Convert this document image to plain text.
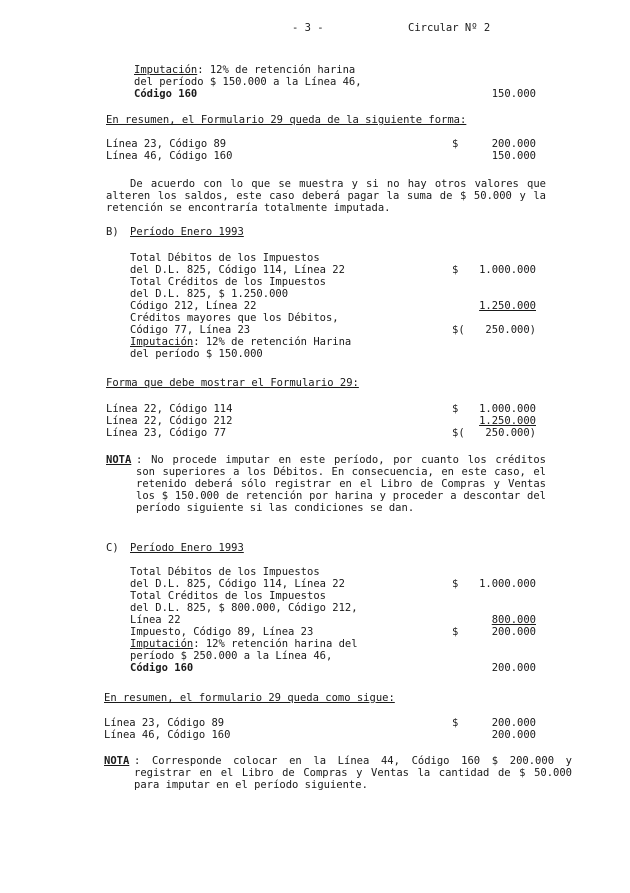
- 3 -	Circular Nº 2
Imputación: 12% de retención harina
del período $ 150.000 a la Línea 46,
Código 160	150.000
En resumen, el Formulario 29 queda de la siguiente forma:
Línea 23, Código 89	$	200.000
Línea 46, Código 160	150.000
De acuerdo con lo que se muestra y si no hay otros valores que alteren los saldos, este caso deberá pagar la suma de $ 50.000 y la retención se encontraría totalmente imputada.
B) Período Enero 1993
Total Débitos de los Impuestos
del D.L. 825, Código 114, Línea 22	$ 1.000.000
Total Créditos de los Impuestos
del D.L. 825, $ 1.250.000
Código 212, Línea 22	1.250.000
Créditos mayores que los Débitos,
Código 77, Línea 23	$( 250.000)
Imputación: 12% de retención Harina
del período $ 150.000
Forma que debe mostrar el Formulario 29:
Línea 22, Código 114	$ 1.000.000
Línea 22, Código 212	1.250.000
Línea 23, Código 77	$( 250.000)
NOTA : No procede imputar en este período, por cuanto los créditos son superiores a los Débitos. En consecuencia, en este caso, el retenido deberá sólo registrar en el Libro de Compras y Ventas los $ 150.000 de retención por harina y proceder a descontar del período siguiente si las condiciones se dan.
C) Período Enero 1993
Total Débitos de los Impuestos
del D.L. 825, Código 114, Línea 22	$ 1.000.000
Total Créditos de los Impuestos
del D.L. 825, $ 800.000, Código 212,
Línea 22	800.000
Impuesto, Código 89, Línea 23	$	200.000
Imputación: 12% retención harina del
período $ 250.000 a la Línea 46,
Código 160	200.000
En resumen, el formulario 29 queda como sigue:
Línea 23, Código 89	$	200.000
Línea 46, Código 160	200.000
NOTA : Corresponde colocar en la Línea 44, Código 160 $ 200.000 y registrar en el Libro de Compras y Ventas la cantidad de $ 50.000 para imputar en el período siguiente.
